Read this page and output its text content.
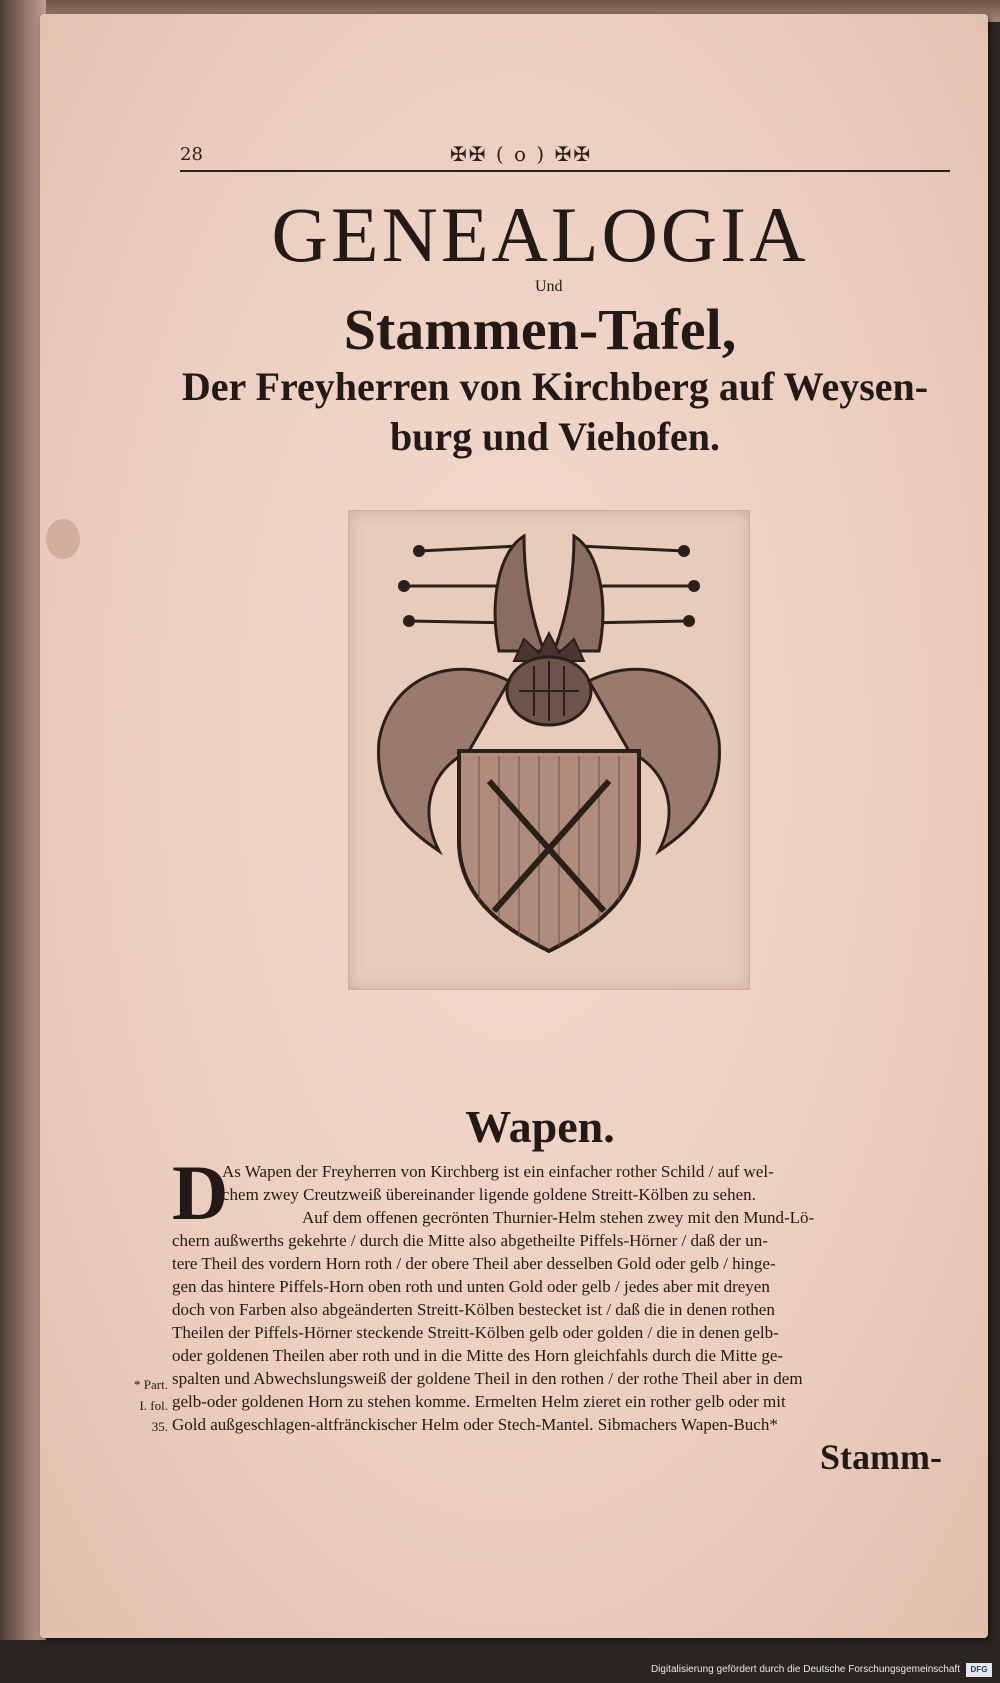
28	✠✠ ( o ) ✠✠
GENEALOGIA
Und
Stammen-Tafel,
Der Freyherren von Kirchberg auf Weysen-
burg und Viehofen.
Wapen.
D

As Wapen der Freyherren von Kirchberg ist ein einfacher rother Schild / auf wel-

chem zwey Creutzweiß übereinander ligende goldene Streitt-Kölben zu sehen.

Auf dem offenen gecrönten Thurnier-Helm stehen zwey mit den Mund-Lö-

chern außwerths gekehrte / durch die Mitte also abgetheilte Piffels-Hörner / daß der un-

tere Theil des vordern Horn roth / der obere Theil aber desselben Gold oder gelb / hinge-

gen das hintere Piffels-Horn oben roth und unten Gold oder gelb / jedes aber mit dreyen

doch von Farben also abgeänderten Streitt-Kölben bestecket ist / daß die in denen rothen

Theilen der Piffels-Hörner steckende Streitt-Kölben gelb oder golden / die in denen gelb-

oder goldenen Theilen aber roth und in die Mitte des Horn gleichfahls durch die Mitte ge-

spalten und Abwechslungsweiß der goldene Theil in den rothen / der rothe Theil aber in dem

gelb-oder goldenen Horn zu stehen komme. Ermelten Helm zieret ein rother gelb oder mit

Gold außgeschlagen-altfränckischer Helm oder Stech-Mantel. Sibmachers Wapen-Buch*

* Part.
I. fol.
35.
Stamm-
Digitalisierung gefördert durch die Deutsche Forschungsgemeinschaft	DFG
